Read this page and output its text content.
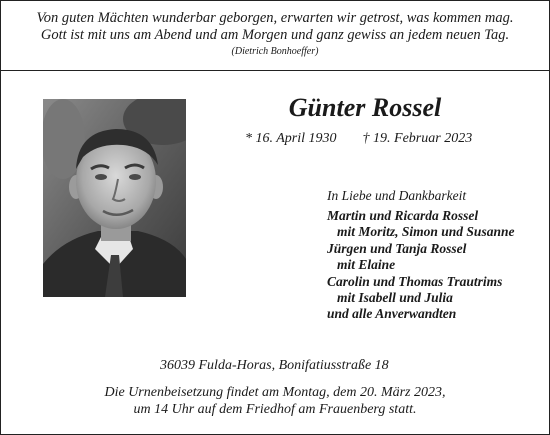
Von guten Mächten wunderbar geborgen, erwarten wir getrost, was kommen mag.
Gott ist mit uns am Abend und am Morgen und ganz gewiss an jedem neuen Tag.
(Dietrich Bonhoeffer)
Günter Rossel
* 16. April 1930 † 19. Februar 2023
In Liebe und Dankbarkeit
Martin und Ricarda Rossel
mit Moritz, Simon und Susanne
Jürgen und Tanja Rossel
mit Elaine
Carolin und Thomas Trautrims
mit Isabell und Julia
und alle Anverwandten
36039 Fulda-Horas, Bonifatiusstraße 18
Die Urnenbeisetzung findet am Montag, dem 20. März 2023,
um 14 Uhr auf dem Friedhof am Frauenberg statt.
